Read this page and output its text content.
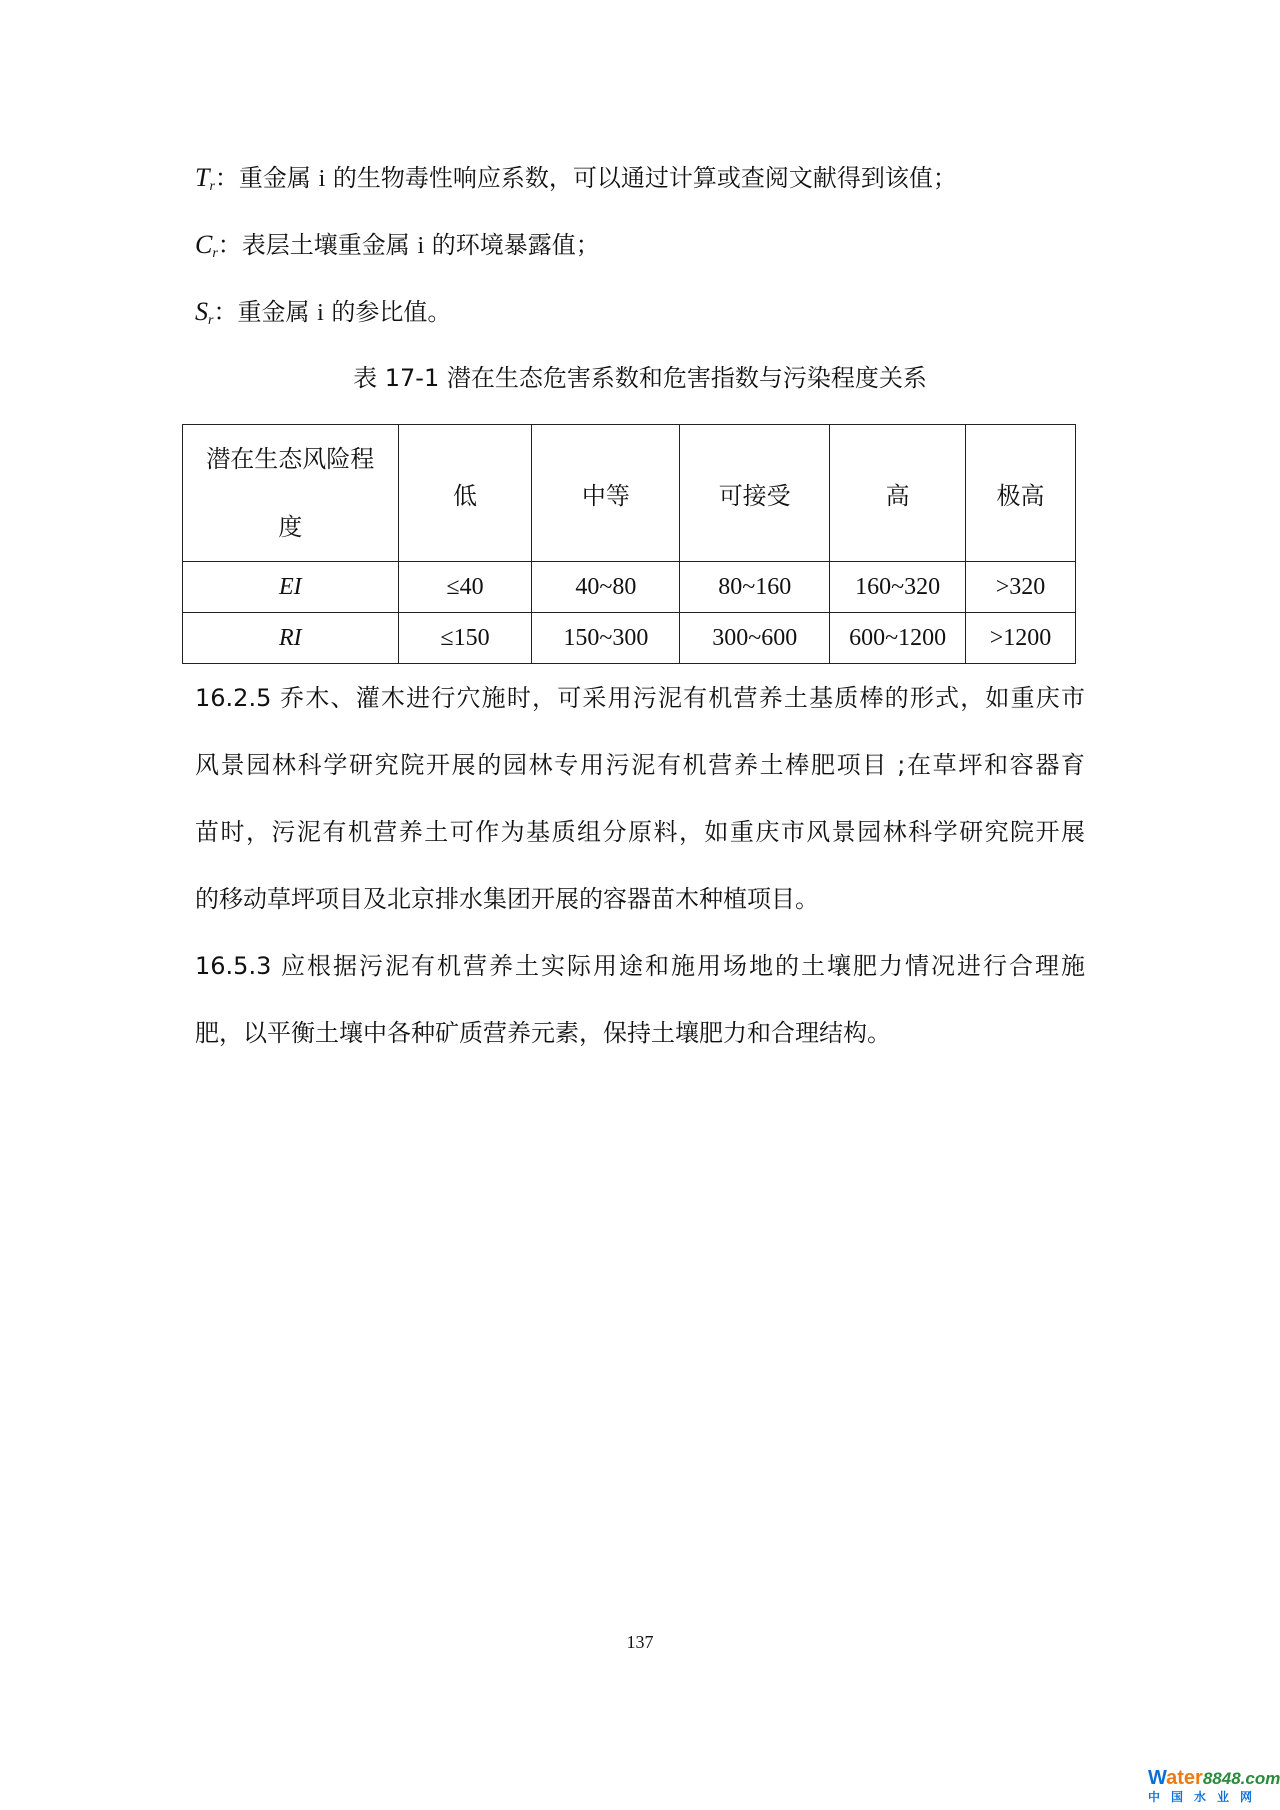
$T_r$：重金属 i 的生物毒性响应系数，可以通过计算或查阅文献得到该值；
$C_r$：表层土壤重金属 i 的环境暴露值；
$S_r$：重金属 i 的参比值。
表 17-1 潜在生态危害系数和危害指数与污染程度关系
潜在生态风险程
度	低	中等	可接受	高	极高
EI	≤40	40~80	80~160	160~320	>320
RI	≤150	150~300	300~600	600~1200	>1200
16.2.5 乔木、灌木进行穴施时，可采用污泥有机营养土基质棒的形式，如重庆市
风景园林科学研究院开展的园林专用污泥有机营养土棒肥项目 ;在草坪和容器育
苗时，污泥有机营养土可作为基质组分原料，如重庆市风景园林科学研究院开展
的移动草坪项目及北京排水集团开展的容器苗木种植项目。
16.5.3 应根据污泥有机营养土实际用途和施用场地的土壤肥力情况进行合理施
肥，以平衡土壤中各种矿质营养元素，保持土壤肥力和合理结构。
137
Water8848.com
中国水业网
